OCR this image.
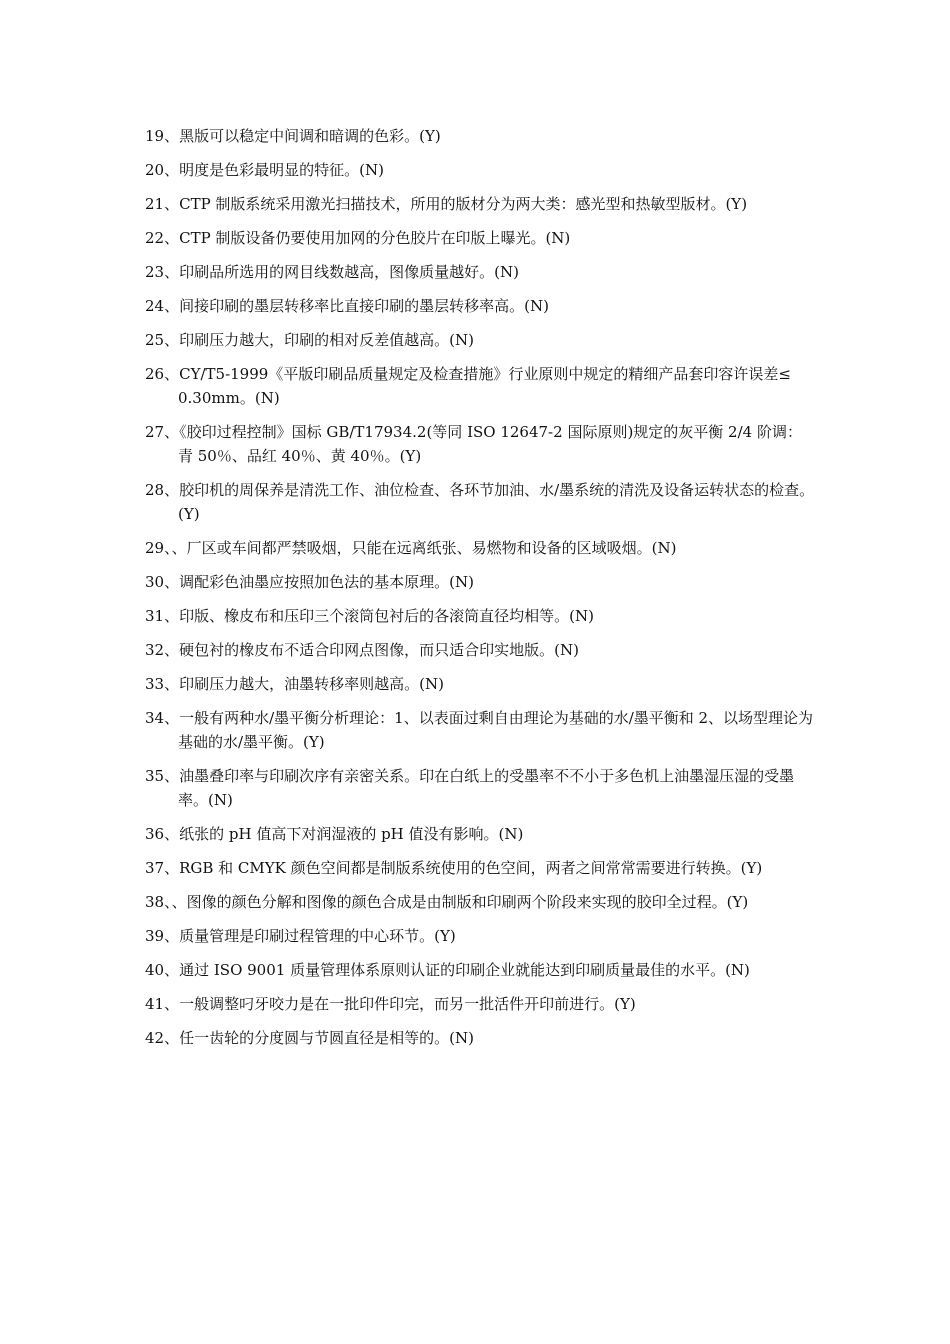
19、黑版可以稳定中间调和暗调的色彩。(Y)

20、明度是色彩最明显的特征。(N)

21、CTP 制版系统采用激光扫描技术，所用的版材分为两大类：感光型和热敏型版材。(Y)

22、CTP 制版设备仍要使用加网的分色胶片在印版上曝光。(N)

23、印刷品所选用的网目线数越高，图像质量越好。(N)

24、间接印刷的墨层转移率比直接印刷的墨层转移率高。(N)

25、印刷压力越大，印刷的相对反差值越高。(N)

26、CY/T5-1999《平版印刷品质量规定及检查措施》行业原则中规定的精细产品套印容许误差≤ 0.30mm。(N)

27、《胶印过程控制》国标 GB/T17934.2(等同 ISO 12647-2 国际原则)规定的灰平衡 2/4 阶调：青 50％、品红 40％、黄 40％。(Y)

28、胶印机的周保养是清洗工作、油位检查、各环节加油、水/墨系统的清洗及设备运转状态的检查。(Y)

29、、厂区或车间都严禁吸烟，只能在远离纸张、易燃物和设备的区域吸烟。(N)

30、调配彩色油墨应按照加色法的基本原理。(N)

31、印版、橡皮布和压印三个滚筒包衬后的各滚筒直径均相等。(N)

32、硬包衬的橡皮布不适合印网点图像，而只适合印实地版。(N)

33、印刷压力越大，油墨转移率则越高。(N)

34、一般有两种水/墨平衡分析理论：1、以表面过剩自由理论为基础的水/墨平衡和 2、以场型理论为基础的水/墨平衡。(Y)

35、油墨叠印率与印刷次序有亲密关系。印在白纸上的受墨率不不小于多色机上油墨湿压湿的受墨率。(N)

36、纸张的 pH 值高下对润湿液的 pH 值没有影响。(N)

37、RGB 和 CMYK 颜色空间都是制版系统使用的色空间，两者之间常常需要进行转换。(Y)

38、、图像的颜色分解和图像的颜色合成是由制版和印刷两个阶段来实现的胶印全过程。(Y)

39、质量管理是印刷过程管理的中心环节。(Y)

40、通过 ISO 9001 质量管理体系原则认证的印刷企业就能达到印刷质量最佳的水平。(N)

41、一般调整叼牙咬力是在一批印件印完，而另一批活件开印前进行。(Y)

42、任一齿轮的分度圆与节圆直径是相等的。(N)
